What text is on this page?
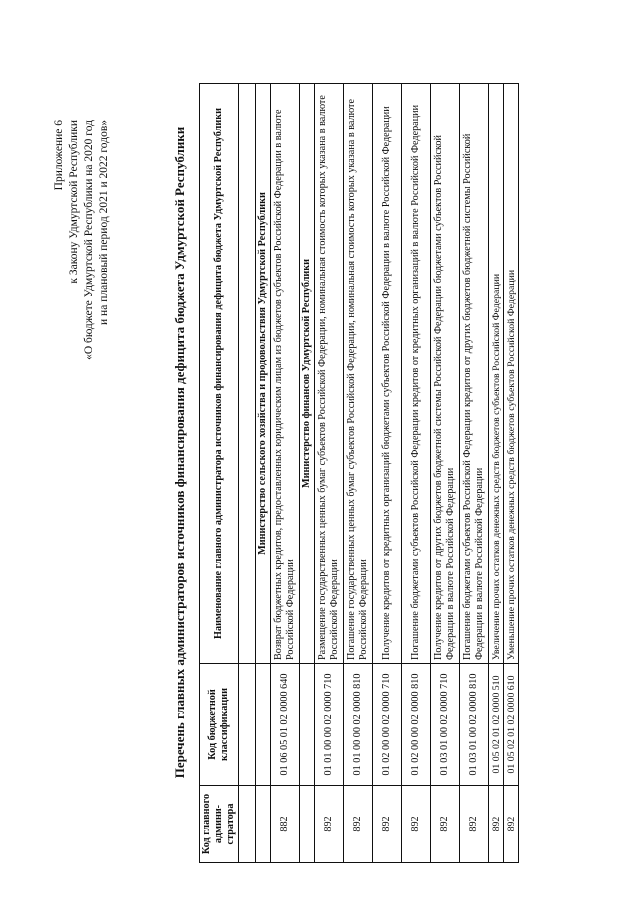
Приложение 6 к Закону Удмуртской Республики «О бюджете Удмуртской Республики на 2020 год и на плановый период 2021 и 2022 годов»	Перечень главных администраторов источников финансирования дефицита бюджета Удмуртской Республики
Код главного админи-стратора	Код бюджетной классификации	Наименование главного администратора источников финансирования дефицита бюджета Удмуртской Республики

		Министерство сельского хозяйства и продовольствия Удмуртской Республики
882	01 06 05 01 02 0000 640	Возврат бюджетных кредитов, предоставленных юридическим лицам из бюджетов субъектов Российской Федерации в валюте Российской Федерации
		Министерство финансов Удмуртской Республики
892	01 01 00 00 02 0000 710	Размещение государственных ценных бумаг субъектов Российской Федерации, номинальная стоимость которых указана в валюте Российской Федерации
892	01 01 00 00 02 0000 810	Погашение государственных ценных бумаг субъектов Российской Федерации, номинальная стоимость которых указана в валюте Российской Федерации
892	01 02 00 00 02 0000 710	Получение кредитов от кредитных организаций бюджетами субъектов Российской Федерации в валюте Российской Федерации
892	01 02 00 00 02 0000 810	Погашение бюджетами субъектов Российской Федерации кредитов от кредитных организаций в валюте Российской Федерации
892	01 03 01 00 02 0000 710	Получение кредитов от других бюджетов бюджетной системы Российской Федерации бюджетами субъектов Российской Федерации в валюте Российской Федерации
892	01 03 01 00 02 0000 810	Погашение бюджетами субъектов Российской Федерации кредитов от других бюджетов бюджетной системы Российской Федерации в валюте Российской Федерации
892	01 05 02 01 02 0000 510	Увеличение прочих остатков денежных средств бюджетов субъектов Российской Федерации
892	01 05 02 01 02 0000 610	Уменьшение прочих остатков денежных средств бюджетов субъектов Российской Федерации
